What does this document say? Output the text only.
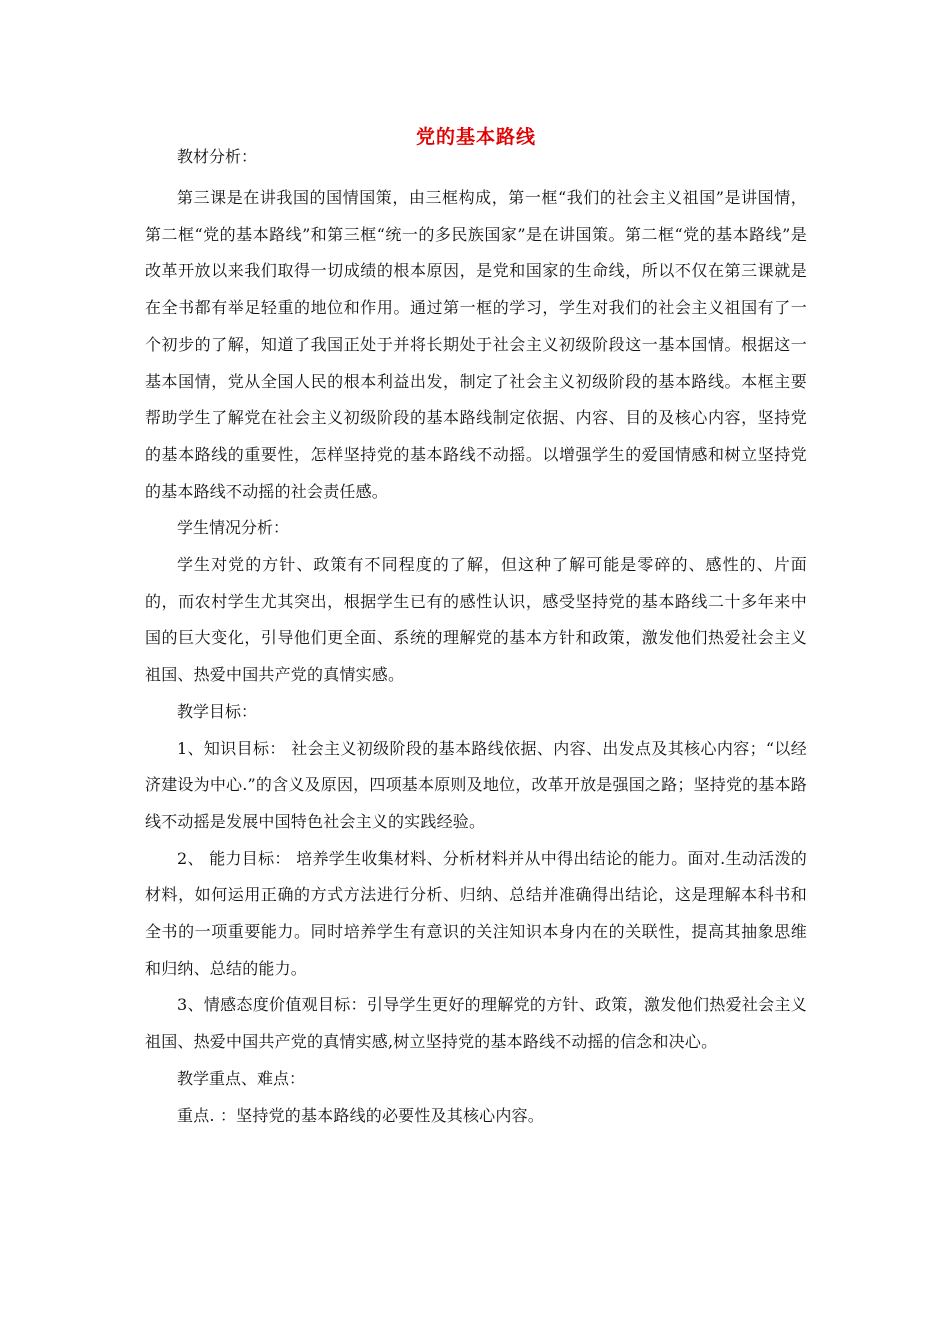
党的基本路线

教材分析：

第三课是在讲我国的国情国策，由三框构成，第一框“我们的社会主义祖国”是讲国情，第二框“党的基本路线”和第三框“统一的多民族国家”是在讲国策。第二框“党的基本路线”是改革开放以来我们取得一切成绩的根本原因，是党和国家的生命线，所以不仅在第三课就是在全书都有举足轻重的地位和作用。通过第一框的学习，学生对我们的社会主义祖国有了一个初步的了解，知道了我国正处于并将长期处于社会主义初级阶段这一基本国情。根据这一基本国情，党从全国人民的根本利益出发，制定了社会主义初级阶段的基本路线。本框主要帮助学生了解党在社会主义初级阶段的基本路线制定依据、内容、目的及核心内容，坚持党的基本路线的重要性，怎样坚持党的基本路线不动摇。以增强学生的爱国情感和树立坚持党的基本路线不动摇的社会责任感。

学生情况分析：

学生对党的方针、政策有不同程度的了解，但这种了解可能是零碎的、感性的、片面的，而农村学生尤其突出，根据学生已有的感性认识，感受坚持党的基本路线二十多年来中国的巨大变化，引导他们更全面、系统的理解党的基本方针和政策，激发他们热爱社会主义祖国、热爱中国共产党的真情实感。

教学目标：

1、知识目标： 社会主义初级阶段的基本路线依据、内容、出发点及其核心内容；“以经济建设为中心.”的含义及原因，四项基本原则及地位，改革开放是强国之路；坚持党的基本路线不动摇是发展中国特色社会主义的实践经验。

2、 能力目标： 培养学生收集材料、分析材料并从中得出结论的能力。面对.生动活泼的材料，如何运用正确的方式方法进行分析、归纳、总结并准确得出结论，这是理解本科书和全书的一项重要能力。同时培养学生有意识的关注知识本身内在的关联性，提高其抽象思维和归纳、总结的能力。

3、情感态度价值观目标：引导学生更好的理解党的方针、政策，激发他们热爱社会主义祖国、热爱中国共产党的真情实感,树立坚持党的基本路线不动摇的信念和决心。

教学重点、难点：

重点. ：坚持党的基本路线的必要性及其核心内容。
